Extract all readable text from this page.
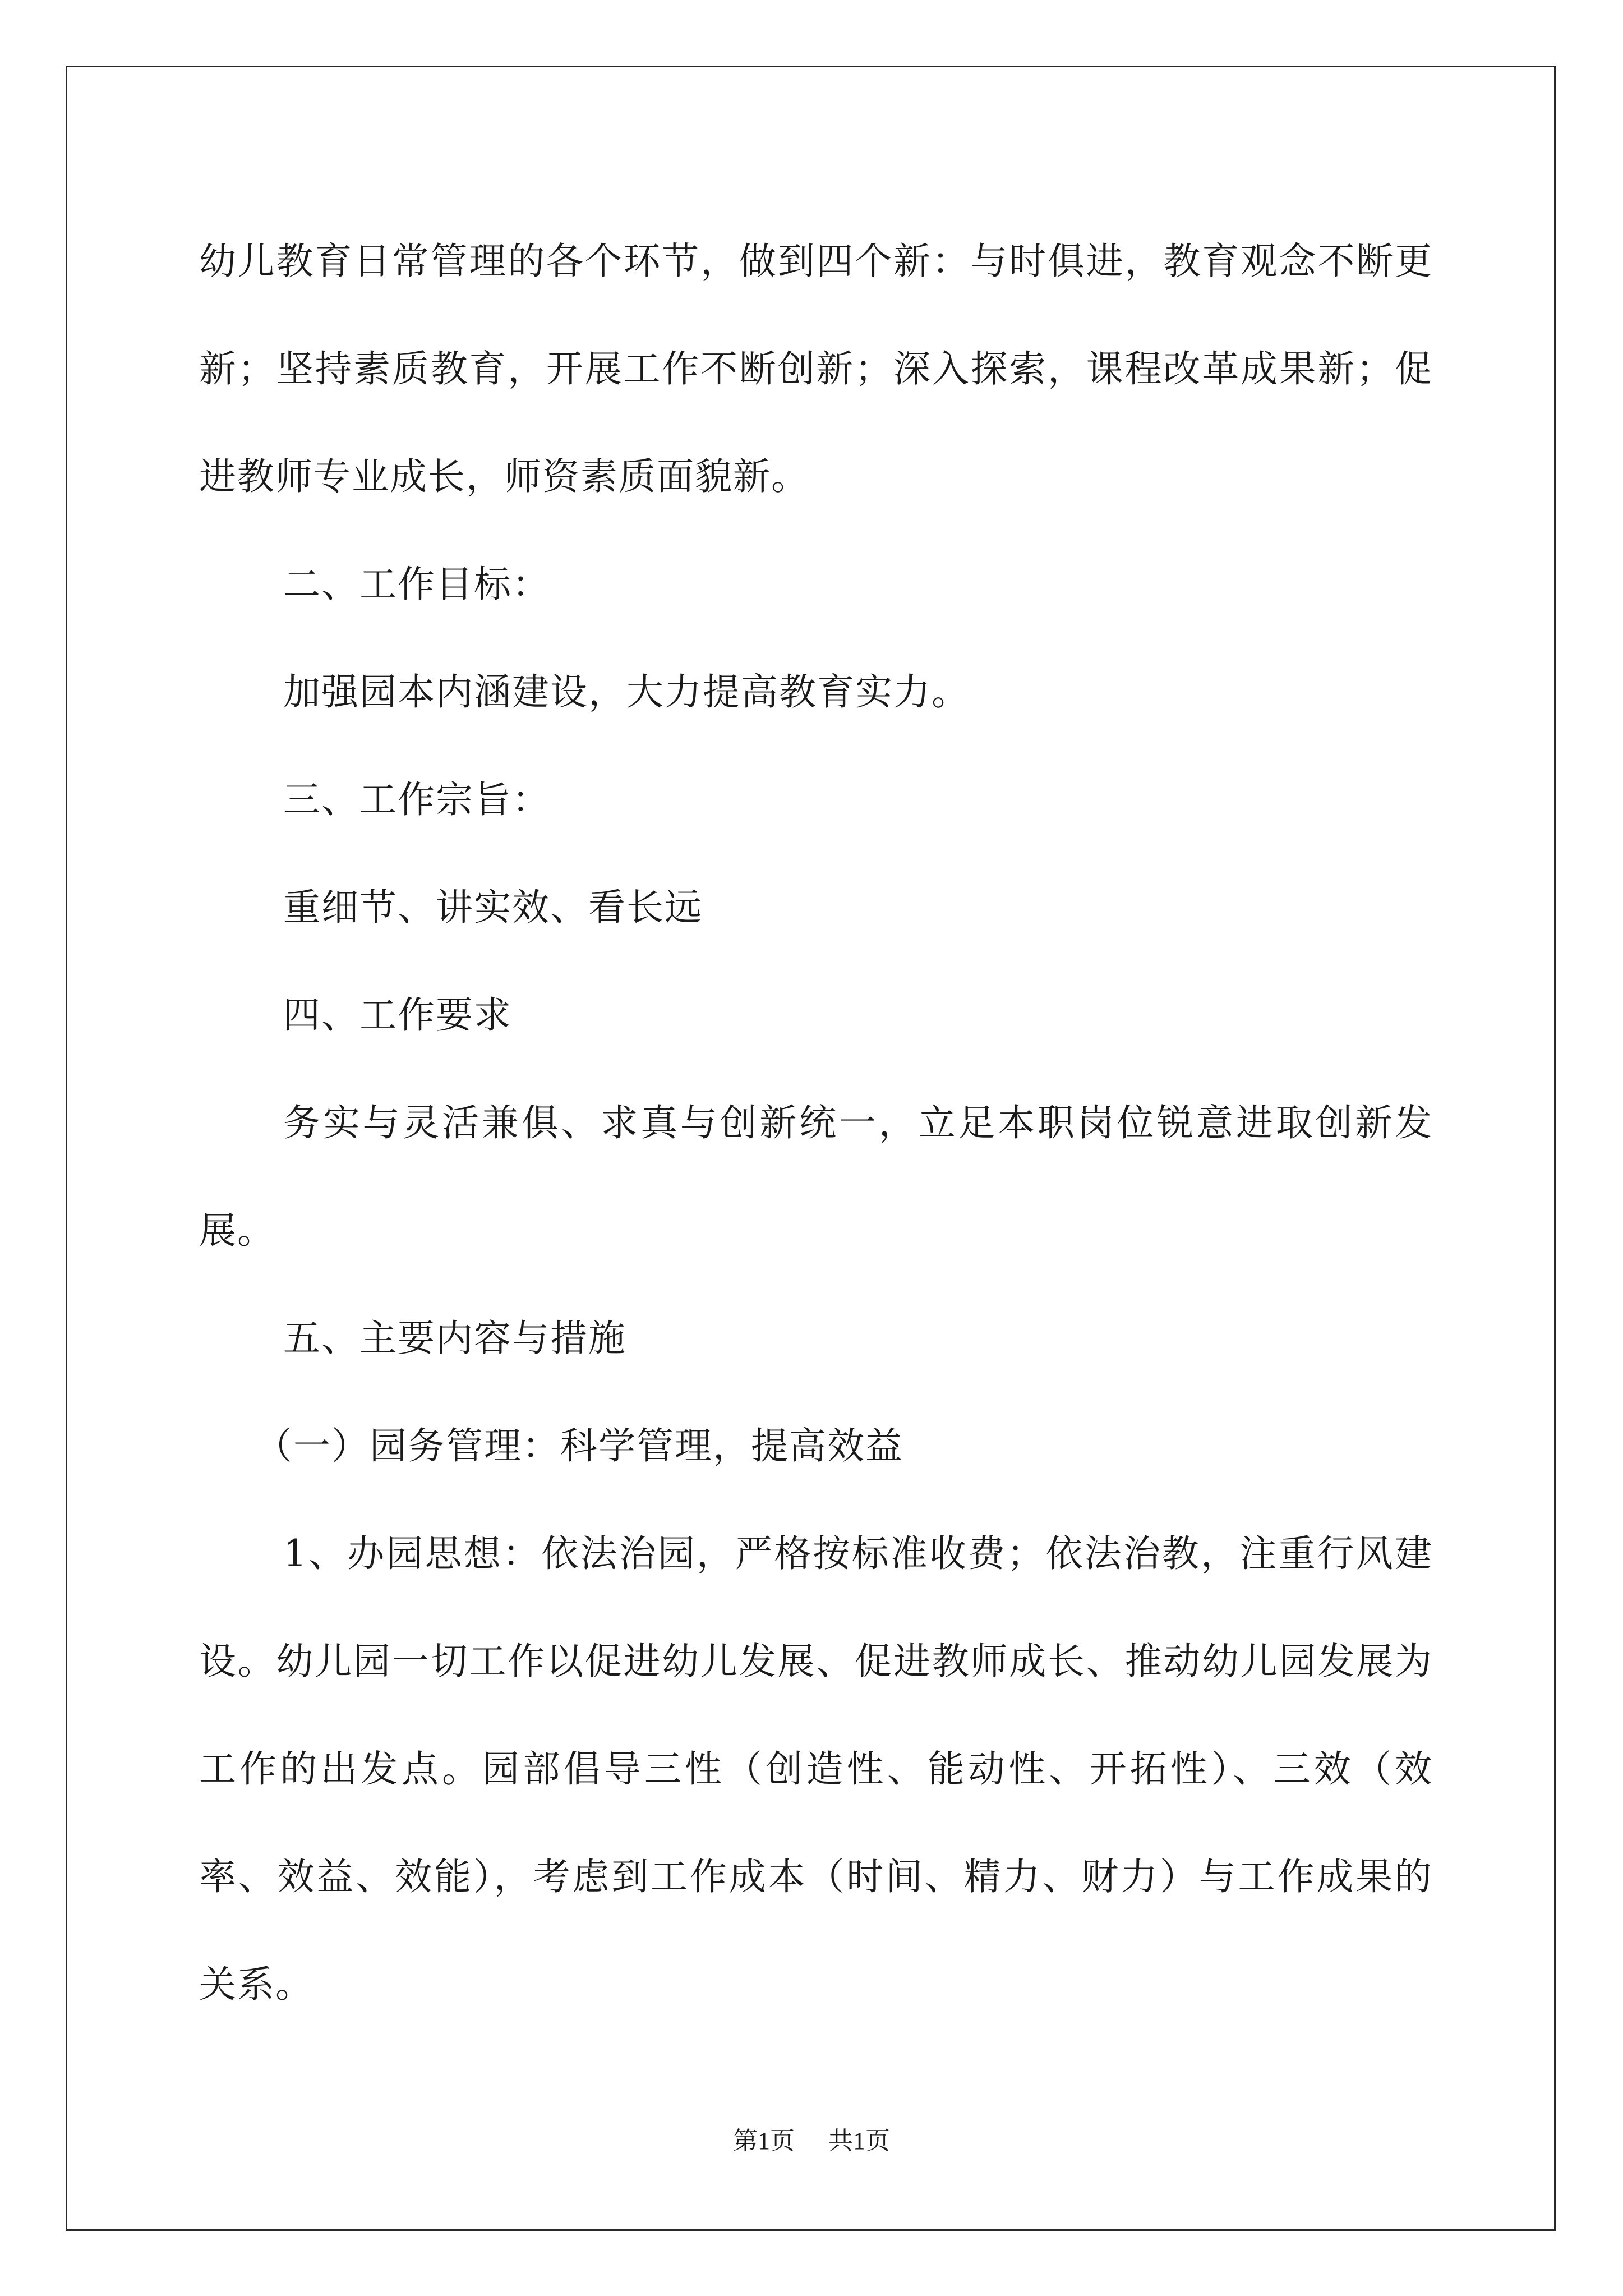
幼儿教育日常管理的各个环节，做到四个新：与时俱进，教育观念不断更新；坚持素质教育，开展工作不断创新；深入探索，课程改革成果新；促进教师专业成长，师资素质面貌新。

二、工作目标：

加强园本内涵建设，大力提高教育实力。

三、工作宗旨：

重细节、讲实效、看长远

四、工作要求

务实与灵活兼俱、求真与创新统一，立足本职岗位锐意进取创新发展。

五、主要内容与措施

（一）园务管理：科学管理，提高效益

1、办园思想：依法治园，严格按标准收费；依法治教，注重行风建设。幼儿园一切工作以促进幼儿发展、促进教师成长、推动幼儿园发展为工作的出发点。园部倡导三性（创造性、能动性、开拓性）、三效（效率、效益、效能），考虑到工作成本（时间、精力、财力）与工作成果的关系。

第1页 共1页
